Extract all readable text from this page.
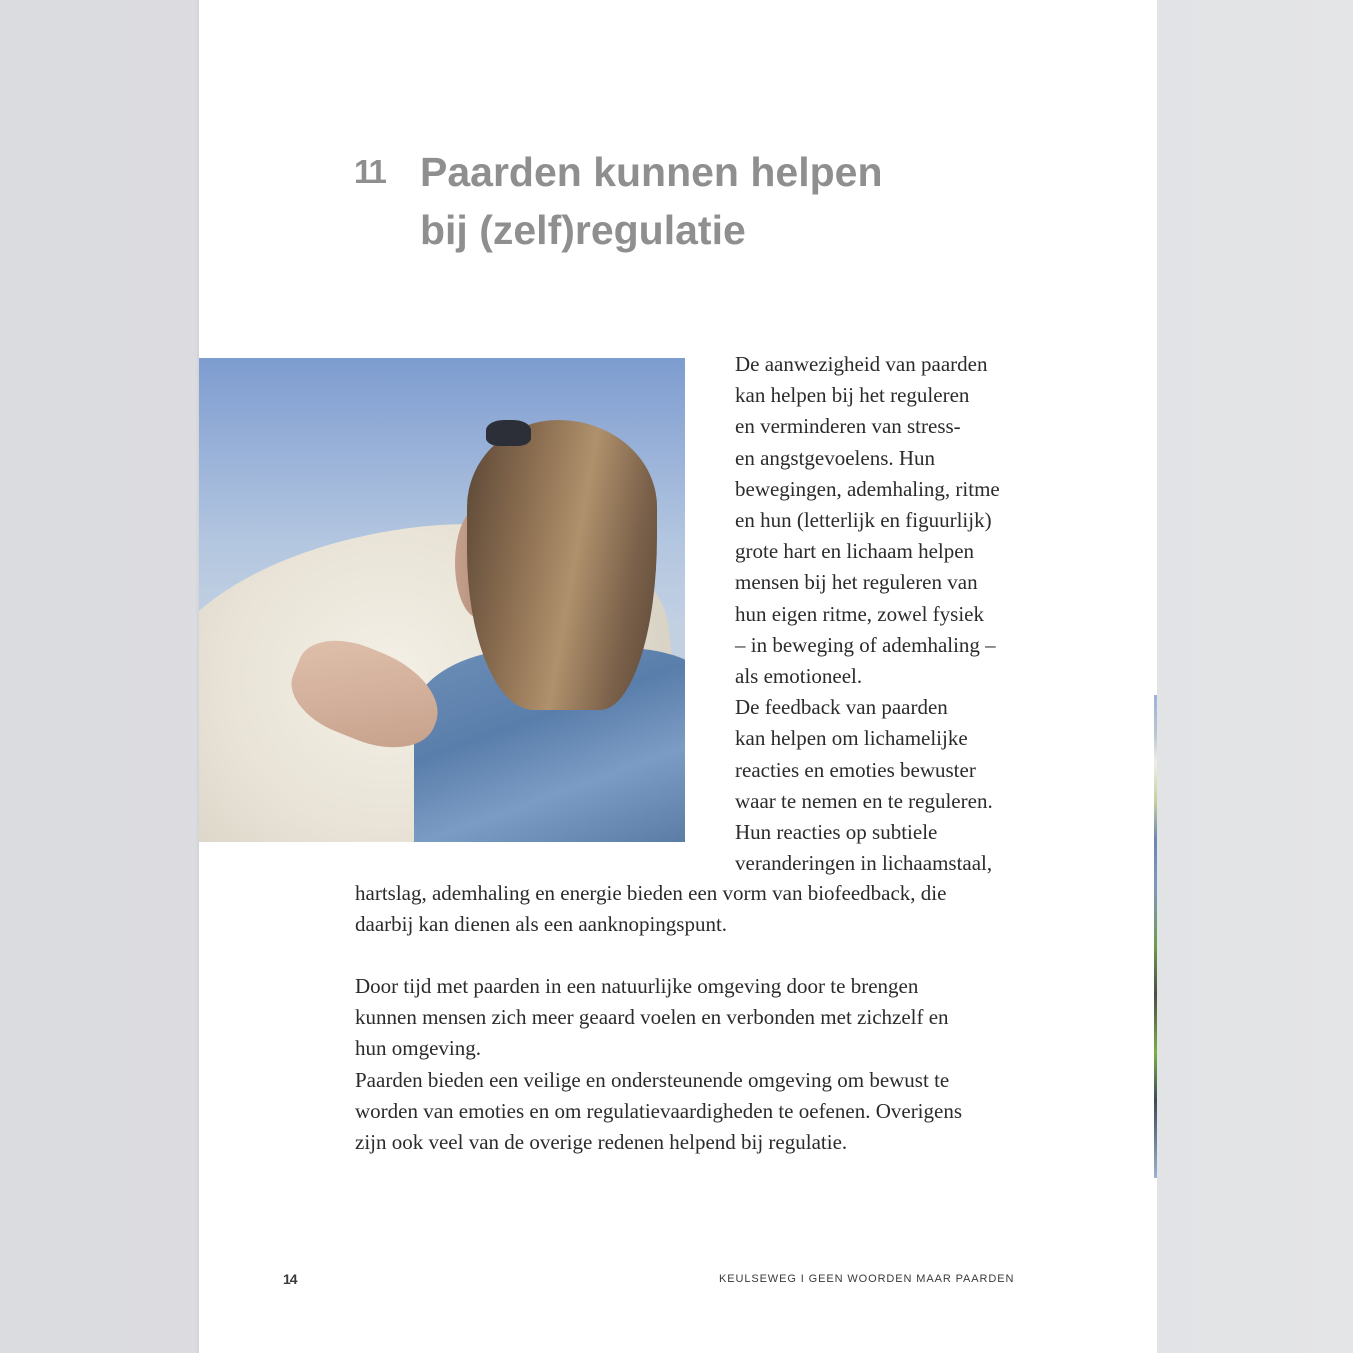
11 Paarden kunnen helpen
bij (zelf)regulatie
De aanwezigheid van paarden
kan helpen bij het reguleren
en verminderen van stress-
en angstgevoelens. Hun
bewegingen, ademhaling, ritme
en hun (letterlijk en figuurlijk)
grote hart en lichaam helpen
mensen bij het reguleren van
hun eigen ritme, zowel fysiek
– in beweging of ademhaling –
als emotioneel.
De feedback van paarden
kan helpen om lichamelijke
reacties en emoties bewuster
waar te nemen en te reguleren.
Hun reacties op subtiele
veranderingen in lichaamstaal,
hartslag, ademhaling en energie bieden een vorm van biofeedback, die
daarbij kan dienen als een aanknopingspunt.
Door tijd met paarden in een natuurlijke omgeving door te brengen
kunnen mensen zich meer geaard voelen en verbonden met zichzelf en
hun omgeving.
Paarden bieden een veilige en ondersteunende omgeving om bewust te
worden van emoties en om regulatievaardigheden te oefenen. Overigens
zijn ook veel van de overige redenen helpend bij regulatie.
14	KEULSEWEG I GEEN WOORDEN MAAR PAARDEN
